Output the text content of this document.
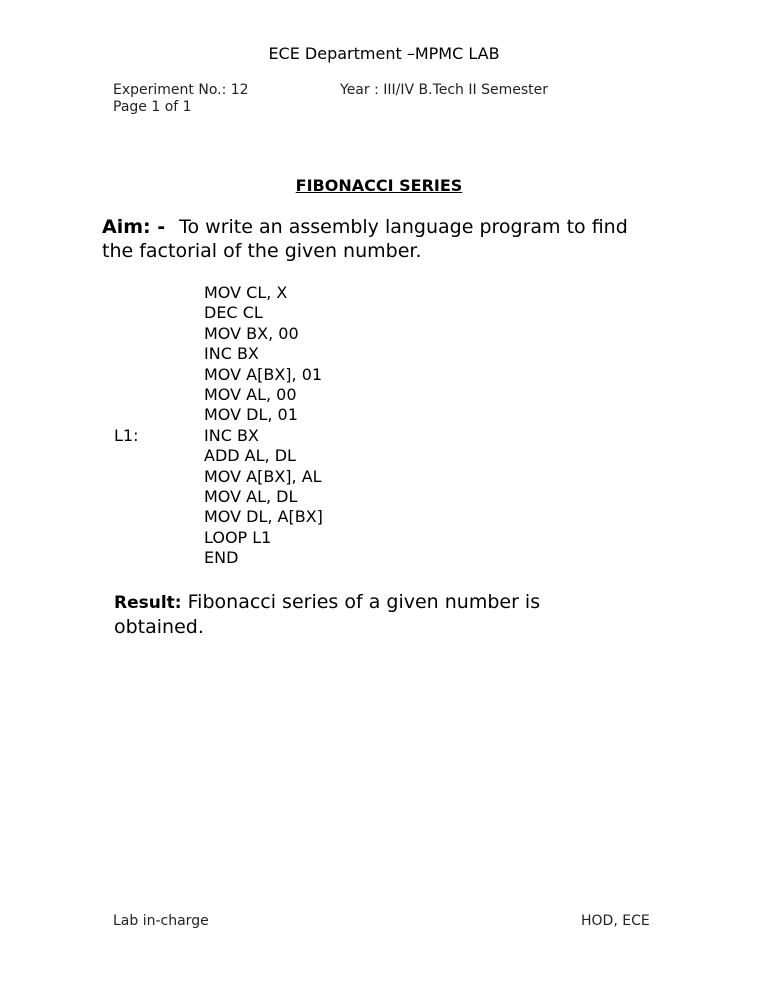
ECE Department –MPMC LAB
Experiment No.: 12	Year : III/IV B.Tech II Semester
Page 1 of 1
FIBONACCI SERIES
Aim: - To write an assembly language program to find the factorial of the given number.
L1:
MOV CL, X
DEC CL
MOV BX, 00
INC BX
MOV A[BX], 01
MOV AL, 00
MOV DL, 01
INC BX
ADD AL, DL
MOV A[BX], AL
MOV AL, DL
MOV DL, A[BX]
LOOP L1
END
Result: Fibonacci series of a given number is obtained.
Lab in-charge	HOD, ECE
